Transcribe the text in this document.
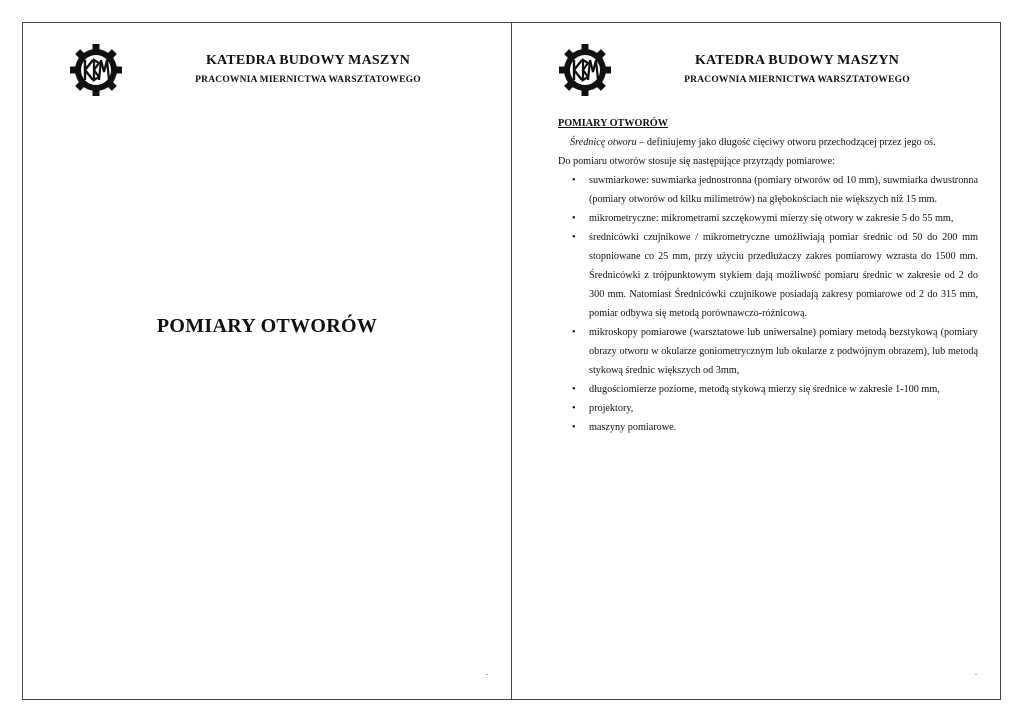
KATEDRA BUDOWY MASZYN
PRACOWNIA MIERNICTWA WARSZTATOWEGO
POMIARY OTWORÓW
.
KATEDRA BUDOWY MASZYN
PRACOWNIA MIERNICTWA WARSZTATOWEGO
POMIARY OTWORÓW
Średnicę otworu – definiujemy jako długość cięciwy otworu przechodzącej przez jego oś.
Do pomiaru otworów stosuje się następujące przyrządy pomiarowe:
• suwmiarkowe: suwmiarka jednostronna (pomiary otworów od 10 mm), suwmiarka dwustronna (pomiary otworów od kilku milimetrów) na głębokościach nie większych niż 15 mm.
• mikrometryczne: mikrometrami szczękowymi mierzy się otwory w zakresie 5 do 55 mm,
• średnicówki czujnikowe / mikrometryczne umożliwiają pomiar średnic od 50 do 200 mm stopniowane co 25 mm, przy użyciu przedłużaczy zakres pomiarowy wzrasta do 1500 mm. Średnicówki z trójpunktowym stykiem dają możliwość pomiaru średnic w zakresie od 2 do 300 mm. Natomiast Średnicówki czujnikowe posiadają zakresy pomiarowe od 2 do 315 mm, pomiar odbywa się metodą porównawczo-różnicową.
• mikroskopy pomiarowe (warsztatowe lub uniwersalne) pomiary metodą bezstykową (pomiary obrazy otworu w okularze goniometrycznym lub okularze z podwójnym obrazem), lub metodą stykową średnic większych od 3mm,
• długościomierze poziome, metodą stykową mierzy się średnice w zakresie 1-100 mm,
• projektory,
• maszyny pomiarowe.
.
